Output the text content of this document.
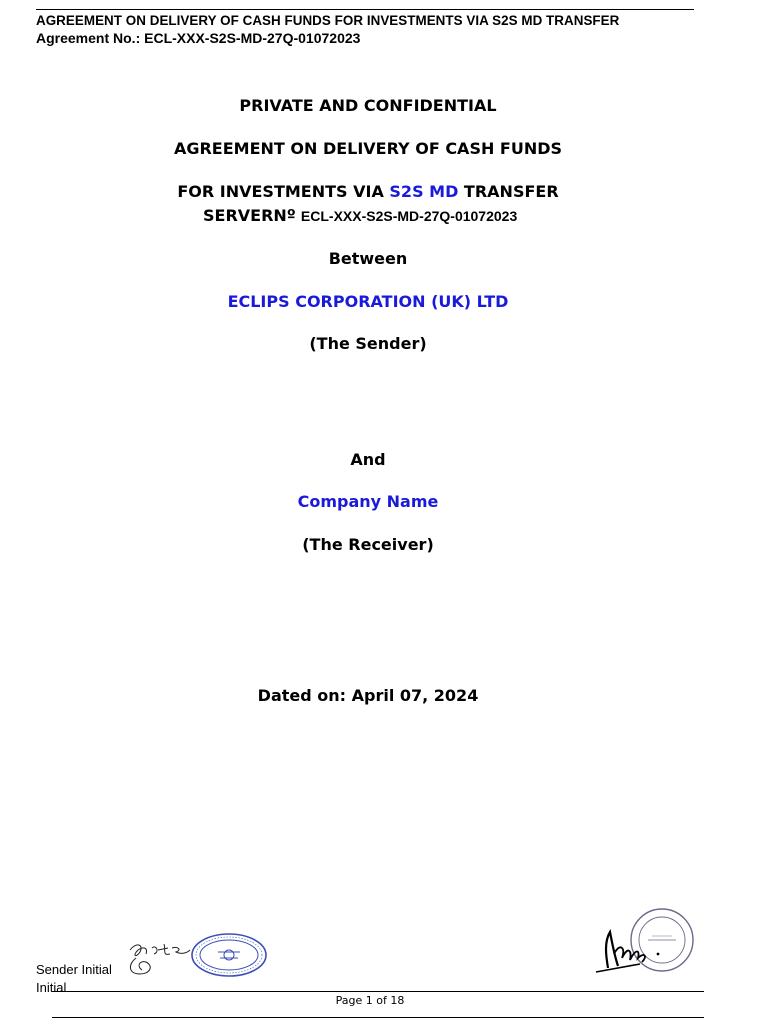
AGREEMENT ON DELIVERY OF CASH FUNDS FOR INVESTMENTS VIA S2S MD TRANSFER
Agreement No.: ECL-XXX-S2S-MD-27Q-01072023
PRIVATE AND CONFIDENTIAL
AGREEMENT ON DELIVERY OF CASH FUNDS
FOR INVESTMENTS VIA S2S MD TRANSFER
SERVERNº ECL-XXX-S2S-MD-27Q-01072023
Between
ECLIPS CORPORATION (UK) LTD
(The Sender)
And
Company Name
(The Receiver)
Dated on: April 07, 2024
Sender Initial
Initial
Page 1 of 18
